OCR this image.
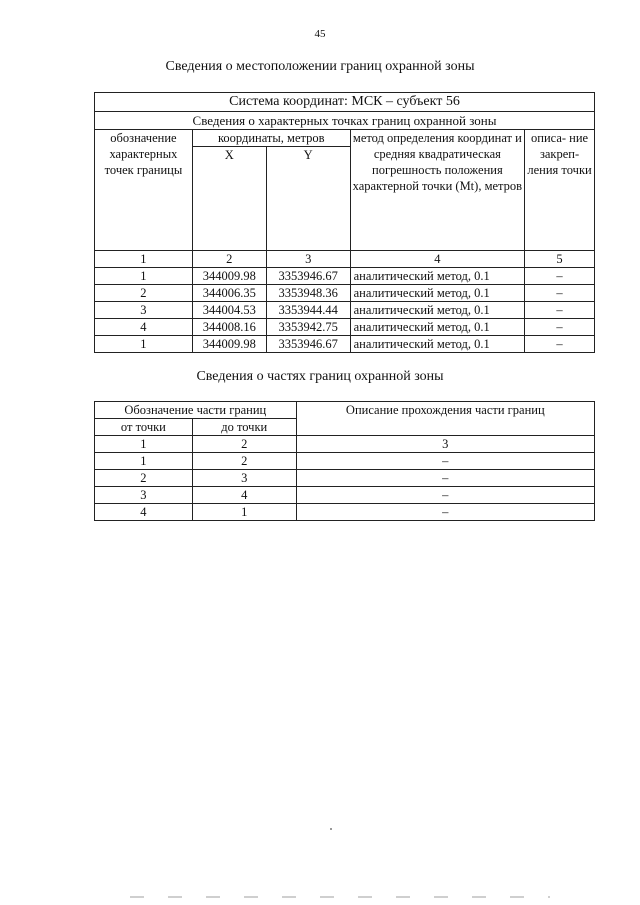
45
Сведения о местоположении границ охранной зоны
Система координат: МСК – субъект 56				
Сведения о характерных точках границ охранной зоны				
обозначение характерных точек границы	координаты, метров		метод определения координат и средняя квадратическая погрешность положения характерной точки (Mt), метров	описа- ние закреп- ления точки
	X	Y		
1	2	3	4	5
1	344009.98	3353946.67	аналитический метод, 0.1	–
2	344006.35	3353948.36	аналитический метод, 0.1	–
3	344004.53	3353944.44	аналитический метод, 0.1	–
4	344008.16	3353942.75	аналитический метод, 0.1	–
1	344009.98	3353946.67	аналитический метод, 0.1	–
Сведения о частях границ охранной зоны
Обозначение части границ		Описание прохождения части границ
от точки	до точки	
1	2	3
1	2	–
2	3	–
3	4	–
4	1	–
